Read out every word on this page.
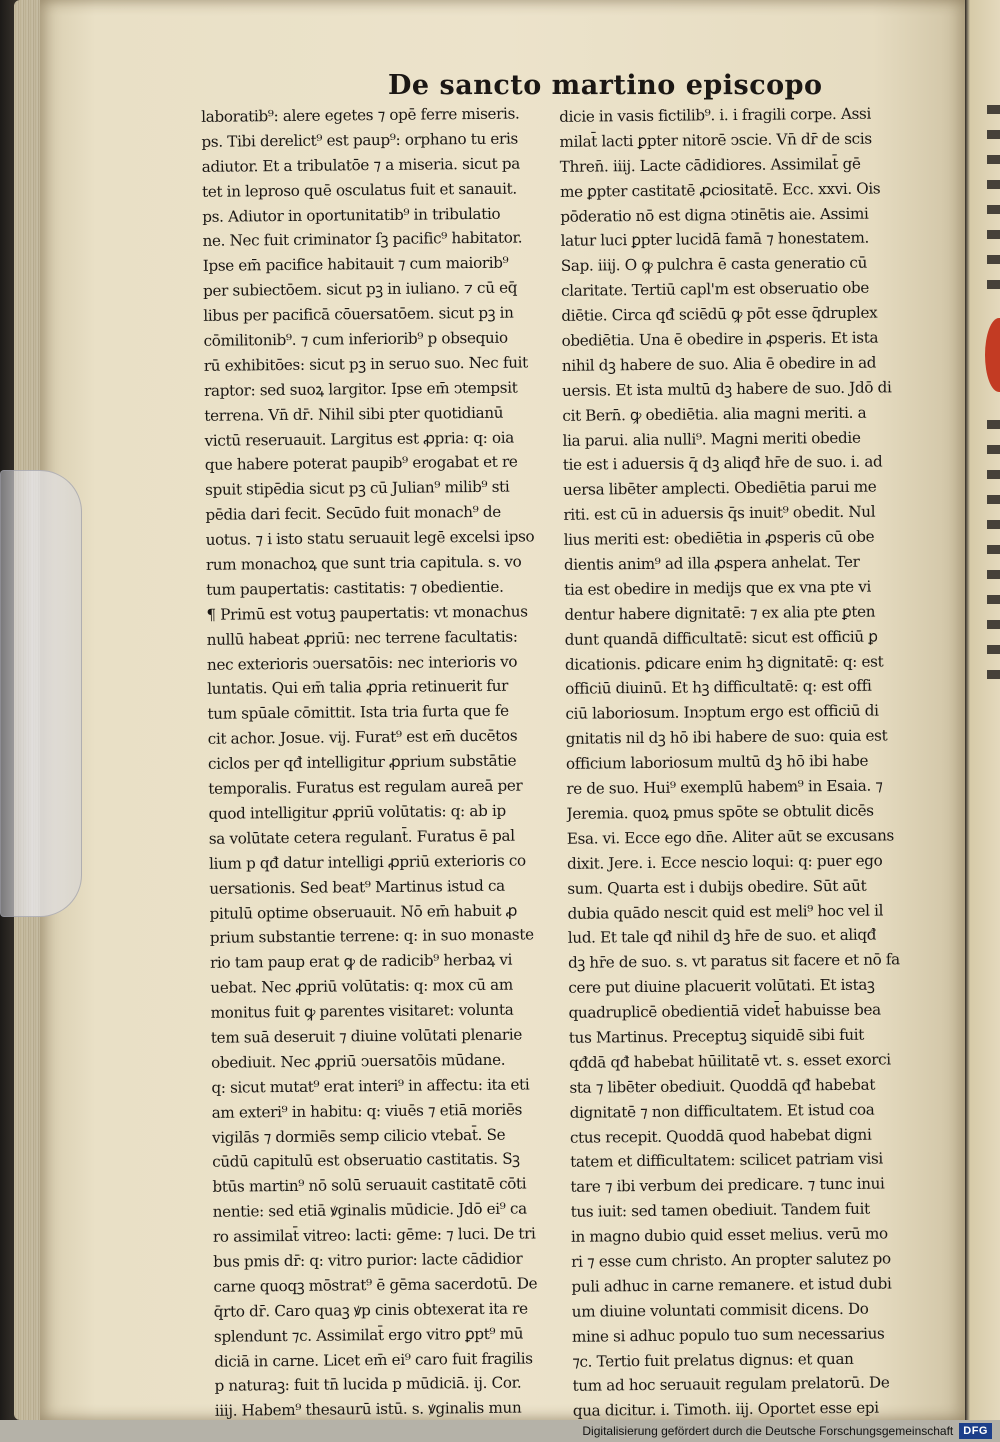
De sancto martino episcopo
laboratib⁹: alere egetes ⁊ opē ferre miseris.
ps. Tibi derelict⁹ est paup⁹: orphano tu eris
adiutor. Et a tribulatōe ⁊ a miseria. sicut pa
tet in leproso quē osculatus fuit et sanauit.
ps. Adiutor in oportunitatib⁹ in tribulatio
ne. Nec fuit criminator ſꝫ pacific⁹ habitator.
Ipse em̄ pacifice habitauit ⁊ cum maiorib⁹
per subiectōem. sicut pꝫ in iuliano. ⁊ cū eq̄
libus per pacificā cōuersatōem. sicut pꝫ in
cōmilitonib⁹. ⁊ cum inferiorib⁹ p obsequio
rū exhibitōes: sicut pꝫ in seruo suo. Nec fuit
raptor: sed suoꝝ largitor. Ipse em̄ ↄtempsit
terrena. Vn̄ dr̄. Nihil sibi pter quotidianū
victū reseruauit. Largitus est ꝓpria: q: oia
que habere poterat paupib⁹ erogabat et re
spuit stipēdia sicut pꝫ cū Julian⁹ milib⁹ sti
pēdia dari fecit. Secūdo fuit monach⁹ de
uotus. ⁊ i isto statu seruauit legē excelsi ipso
rum monachoꝝ que sunt tria capitula. s. vo
tum paupertatis: castitatis: ⁊ obedientie.
¶ Primū est votuꝫ paupertatis: vt monachus
nullū habeat ꝓpriū: nec terrene facultatis:
nec exterioris ↄuersatōis: nec interioris vo
luntatis. Qui em̄ talia ꝓpria retinuerit fur
tum spūale cōmittit. Ista tria furta que fe
cit achor. Josue. vij. Furat⁹ est em̄ ducētos
ciclos per qđ intelligitur ꝓprium substātie
temporalis. Furatus est regulam aureā per
quod intelligitur ꝓpriū volūtatis: q: ab ip
sa volūtate cetera regulant̄. Furatus ē pal
lium p qđ datur intelligi ꝓpriū exterioris co
uersationis. Sed beat⁹ Martinus istud ca
pitulū optime obseruauit. Nō em̄ habuit ꝓ
prium substantie terrene: q: in suo monaste
rio tam paup erat ꝙ de radicib⁹ herbaꝝ vi
uebat. Nec ꝓpriū volūtatis: q: mox cū am
monitus fuit ꝙ parentes visitaret: volunta
tem suā deseruit ⁊ diuine volūtati plenarie
obediuit. Nec ꝓpriū ↄuersatōis mūdane.
q: sicut mutat⁹ erat interi⁹ in affectu: ita eti
am exteri⁹ in habitu: q: viuēs ⁊ etiā moriēs
vigilās ⁊ dormiēs semp cilicio vtebat̄. Se
cūdū capitulū est obseruatio castitatis. Sꝫ
btūs martin⁹ nō solū seruauit castitatē cōti
nentie: sed etiā ꝟginalis mūdicie. Jdō ei⁹ ca
ro assimilat̄ vitreo: lacti: gēme: ⁊ luci. De tri
bus pmis dr̄: q: vitro purior: lacte cādidior
carne quoqꝫ mōstrat⁹ ē gēma sacerdotū. De
q̄rto dr̄. Caro quaꝫ ꝟp cinis obtexerat ita re
splendunt ⁊c. Assimilat̄ ergo vitro ꝑpt⁹ mū
diciā in carne. Licet em̄ ei⁹ caro fuit fragilis
p naturaꝫ: fuit tn̄ lucida p mūdiciā. ij. Cor.
iiij. Habem⁹ thesaurū istū. s. ꝟginalis mun
dicie in vasis fictilib⁹. i. i fragili corpe. Assi
milat̄ lacti ꝑpter nitorē ↄscie. Vn̄ dr̄ de scis
Thren̄. iiij. Lacte cādidiores. Assimilat̄ gē
me ꝑpter castitatē ꝓciositatē. Ecc. xxvi. Ois
pōderatio nō est digna ↄtinētis aie. Assimi
latur luci ꝑpter lucidā famā ⁊ honestatem.
Sap. iiij. O ꝙ pulchra ē casta generatio cū
claritate. Tertiū capl'm est obseruatio obe
diētie. Circa qđ sciēdū ꝙ pōt esse q̄druplex
obediētia. Una ē obedire in ꝓsperis. Et ista
nihil dꝫ habere de suo. Alia ē obedire in ad
uersis. Et ista multū dꝫ habere de suo. Jdō di
cit Bern̄. ꝙ obediētia. alia magni meriti. a
lia parui. alia nulli⁹. Magni meriti obedie
tie est i aduersis q̄ dꝫ aliqđ hr̄e de suo. i. ad
uersa libēter amplecti. Obediētia parui me
riti. est cū in aduersis q̄s inuit⁹ obedit. Nul
lius meriti est: obediētia in ꝓsperis cū obe
dientis anim⁹ ad illa ꝓspera anhelat. Ter
tia est obedire in medijs que ex vna pte vi
dentur habere dignitatē: ⁊ ex alia pte ꝑten
dunt quandā difficultatē: sicut est officiū ꝑ
dicationis. ꝑdicare enim hꝫ dignitatē: q: est
officiū diuinū. Et hꝫ difficultatē: q: est offi
ciū laboriosum. Inↄptum ergo est officiū di
gnitatis nil dꝫ hō ibi habere de suo: quia est
officium laboriosum multū dꝫ hō ibi habe
re de suo. Hui⁹ exemplū habem⁹ in Esaia. ⁊
Jeremia. quoꝝ pmus spōte se obtulit dicēs
Esa. vi. Ecce ego dn̄e. Aliter aūt se excusans
dixit. Jere. i. Ecce nescio loqui: q: puer ego
sum. Quarta est i dubijs obedire. Sūt aūt
dubia quādo nescit quid est meli⁹ hoc vel il
lud. Et tale qđ nihil dꝫ hr̄e de suo. et aliqđ
dꝫ hr̄e de suo. s. vt paratus sit facere et nō fa
cere put diuine placuerit volūtati. Et istaꝫ
quadruplicē obedientiā videt̄ habuisse bea
tus Martinus. Preceptuꝫ siquidē sibi fuit
qđdā qđ habebat hūilitatē vt. s. esset exorci
sta ⁊ libēter obediuit. Quoddā qđ habebat
dignitatē ⁊ non difficultatem. Et istud coa
ctus recepit. Quoddā quod habebat digni
tatem et difficultatem: scilicet patriam visi
tare ⁊ ibi verbum dei predicare. ⁊ tunc inui
tus iuit: sed tamen obediuit. Tandem fuit
in magno dubio quid esset melius. verū mo
ri ⁊ esse cum christo. An propter salutez po
puli adhuc in carne remanere. et istud dubi
um diuine voluntati commisit dicens. Do
mine si adhuc populo tuo sum necessarius
⁊c. Tertio fuit prelatus dignus: et quan
tum ad hoc seruauit regulam prelatorū. De
qua dicitur. i. Timoth. iij. Oportet esse epi
Digitalisierung gefördert durch die Deutsche Forschungsgemeinschaft DFG
